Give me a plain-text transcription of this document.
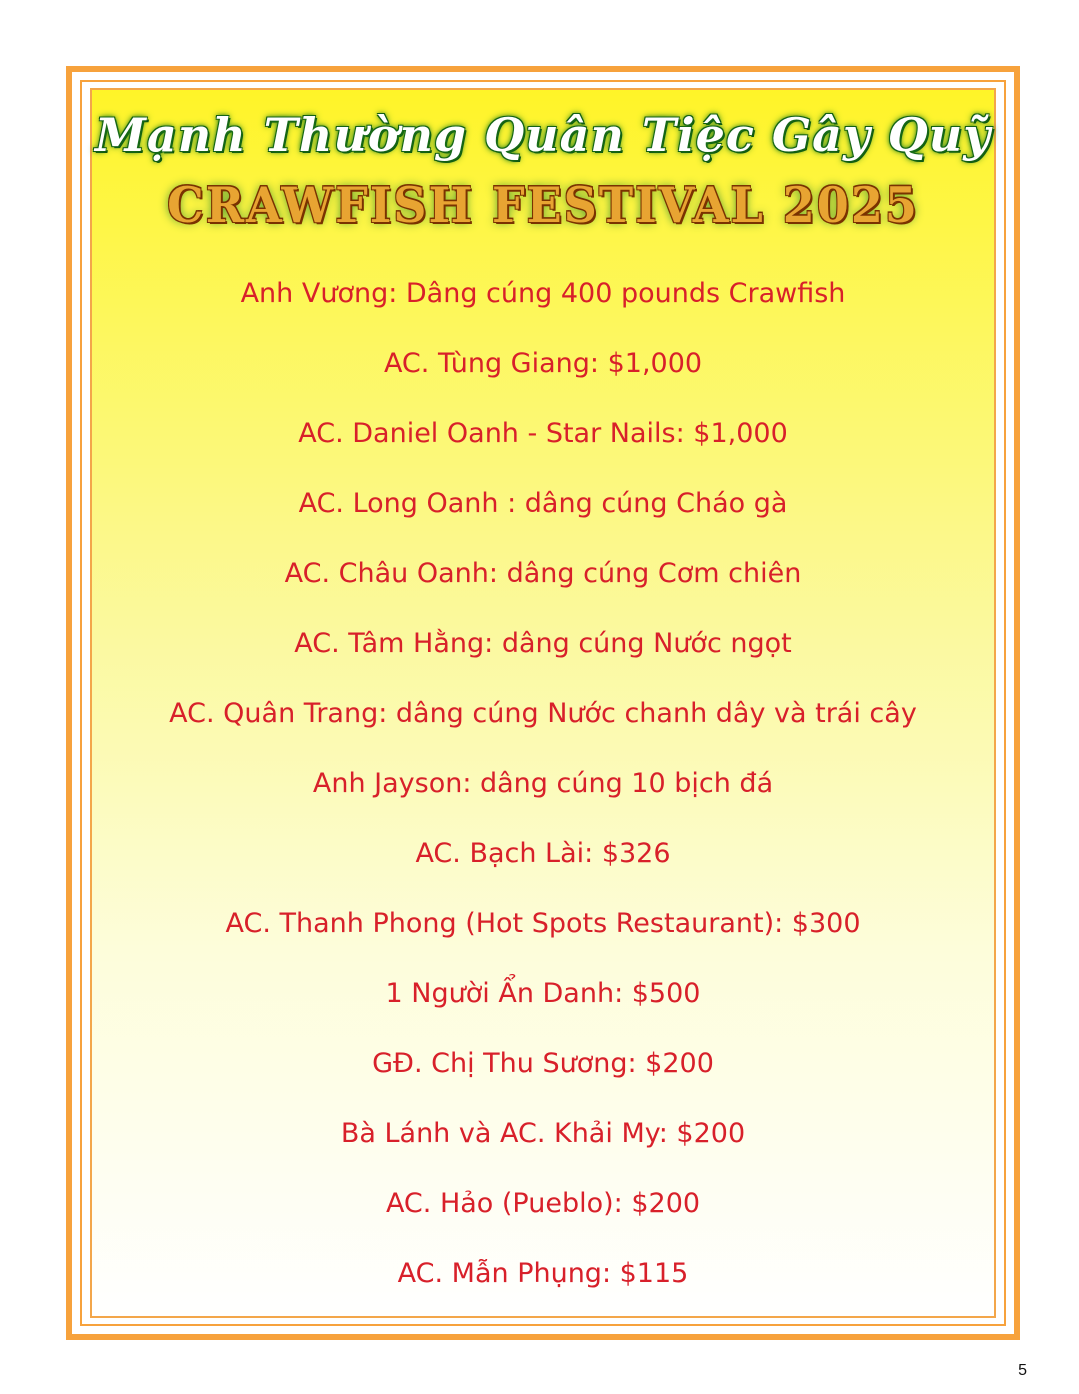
Mạnh Thường Quân Tiệc Gây Quỹ
CRAWFISH FESTIVAL 2025
Anh Vương: Dâng cúng 400 pounds Crawfish
AC. Tùng Giang: $1,000
AC. Daniel Oanh - Star Nails: $1,000
AC. Long Oanh : dâng cúng Cháo gà
AC. Châu Oanh: dâng cúng Cơm chiên
AC. Tâm Hằng: dâng cúng Nước ngọt
AC. Quân Trang: dâng cúng Nước chanh dây và trái cây
Anh Jayson: dâng cúng 10 bịch đá
AC. Bạch Lài: $326
AC. Thanh Phong (Hot Spots Restaurant): $300
1 Người Ẩn Danh: $500
GĐ. Chị Thu Sương: $200
Bà Lánh và AC. Khải My: $200
AC. Hảo (Pueblo): $200
AC. Mẫn Phụng: $115
5
